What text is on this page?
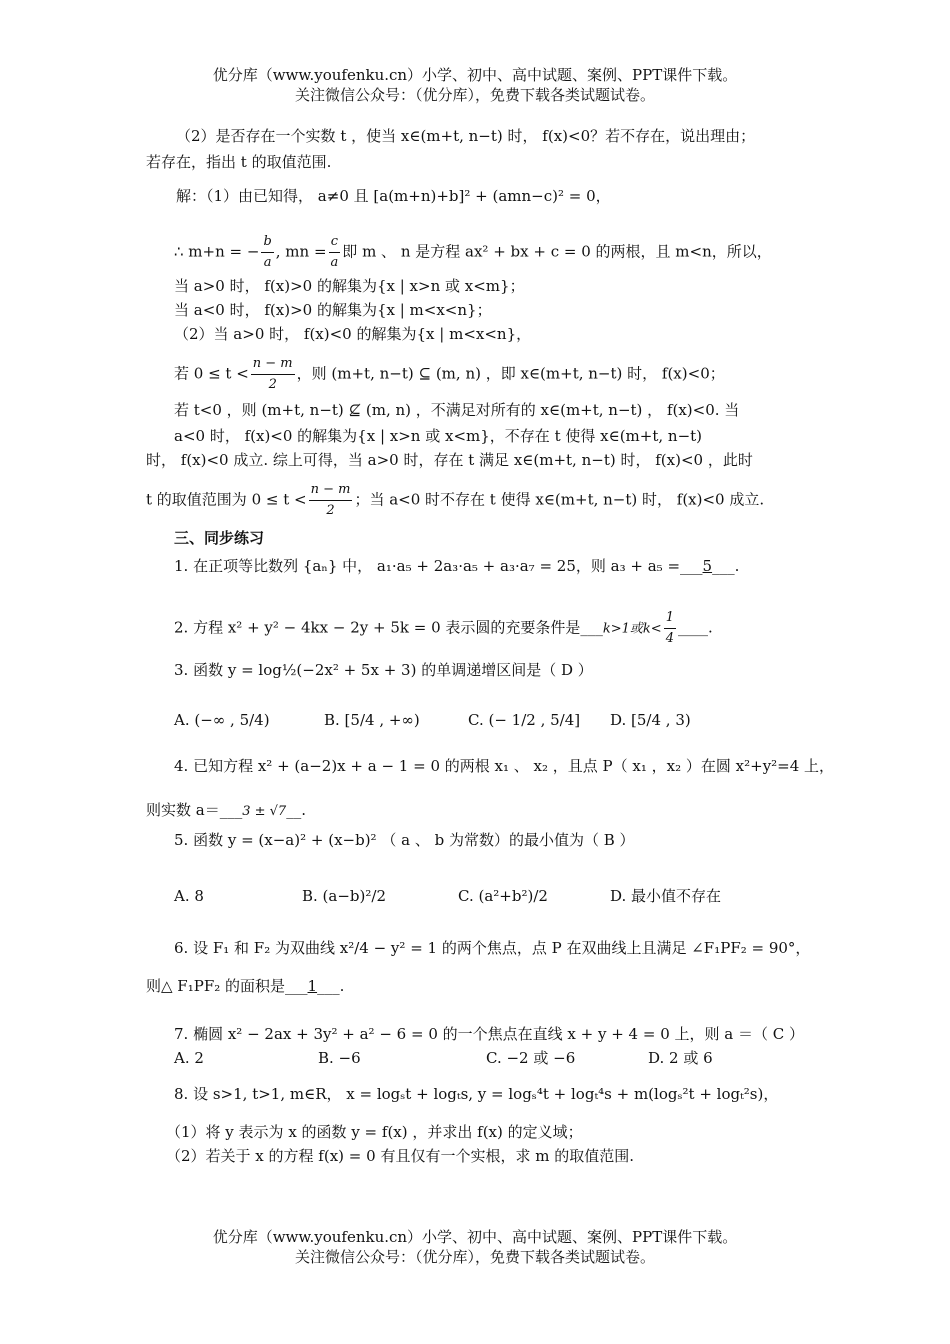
优分库（www.youfenku.cn）小学、初中、高中试题、案例、PPT课件下载。
关注微信公众号：（优分库），免费下载各类试题试卷。
（2）是否存在一个实数 t ，使当 x∈(m+t, n−t) 时， f(x)<0？若不存在，说出理由；
若存在，指出 t 的取值范围.
解：（1）由已知得， a≠0 且 [a(m+n)+b]² + (amn−c)² = 0，
∴ m+n = − $\frac{b}{a}$ , mn = $\frac{c}{a}$ 即 m 、 n 是方程 ax² + bx + c = 0 的两根，且 m<n，所以，
当 a>0 时， f(x)>0 的解集为{x | x>n 或 x<m}；
当 a<0 时， f(x)>0 的解集为{x | m<x<n}；
（2）当 a>0 时， f(x)<0 的解集为{x | m<x<n}，
若 $0 \le t < \frac{n - m}{2}$ ，则 (m+t, n−t) ⊆ (m, n) ，即 x∈(m+t, n−t) 时， f(x)<0；
若 t<0 ，则 (m+t, n−t) ⊈ (m, n) ，不满足对所有的 x∈(m+t, n−t) ， f(x)<0. 当
a<0 时， f(x)<0 的解集为{x | x>n 或 x<m}，不存在 t 使得 x∈(m+t, n−t)
时， f(x)<0 成立. 综上可得，当 a>0 时，存在 t 满足 x∈(m+t, n−t) 时， f(x)<0 ，此时
t 的取值范围为 $0 \le t < \frac{n - m}{2}$ ；当 a<0 时不存在 t 使得 x∈(m+t, n−t) 时， f(x)<0 成立.
三、同步练习
1. 在正项等比数列 {aₙ} 中， a₁·a₅ + 2a₃·a₅ + a₃·a₇ = 25，则 a₃ + a₅ =___5___.
2. 方程 x² + y² − 4kx − 2y + 5k = 0 表示圆的充要条件是___k>1或$k< \frac{1}{4}$ ____.
3. 函数 y = log½(−2x² + 5x + 3) 的单调递增区间是（ D ）
A. (−∞ , 5/4)	B. [5/4 , +∞)	C. (− 1/2 , 5/4] D. [5/4 , 3)
4. 已知方程 x² + (a−2)x + a − 1 = 0 的两根 x₁ 、 x₂ ，且点 P（ x₁ ，x₂ ）在圆 x²+y²=4 上，
则实数 a＝___3 ± √7__.
5. 函数 y = (x−a)² + (x−b)² （ a 、 b 为常数）的最小值为（ B ）
A. 8	B. (a−b)²/2	C. (a²+b²)/2	D. 最小值不存在
6. 设 F₁ 和 F₂ 为双曲线 x²/4 − y² = 1 的两个焦点，点 P 在双曲线上且满足 ∠F₁PF₂ = 90°，
则△ F₁PF₂ 的面积是___1___.
7. 椭圆 x² − 2ax + 3y² + a² − 6 = 0 的一个焦点在直线 x + y + 4 = 0 上，则 a ＝（ C ）
A. 2	B. −6	C. −2 或 −6	D. 2 或 6
8. 设 s>1, t>1, m∈R， x = logₛt + logₜs, y = logₛ⁴t + logₜ⁴s + m(logₛ²t + logₜ²s)，
（1）将 y 表示为 x 的函数 y = f(x) ，并求出 f(x) 的定义域；
（2）若关于 x 的方程 f(x) = 0 有且仅有一个实根，求 m 的取值范围.
优分库（www.youfenku.cn）小学、初中、高中试题、案例、PPT课件下载。
关注微信公众号：（优分库），免费下载各类试题试卷。
